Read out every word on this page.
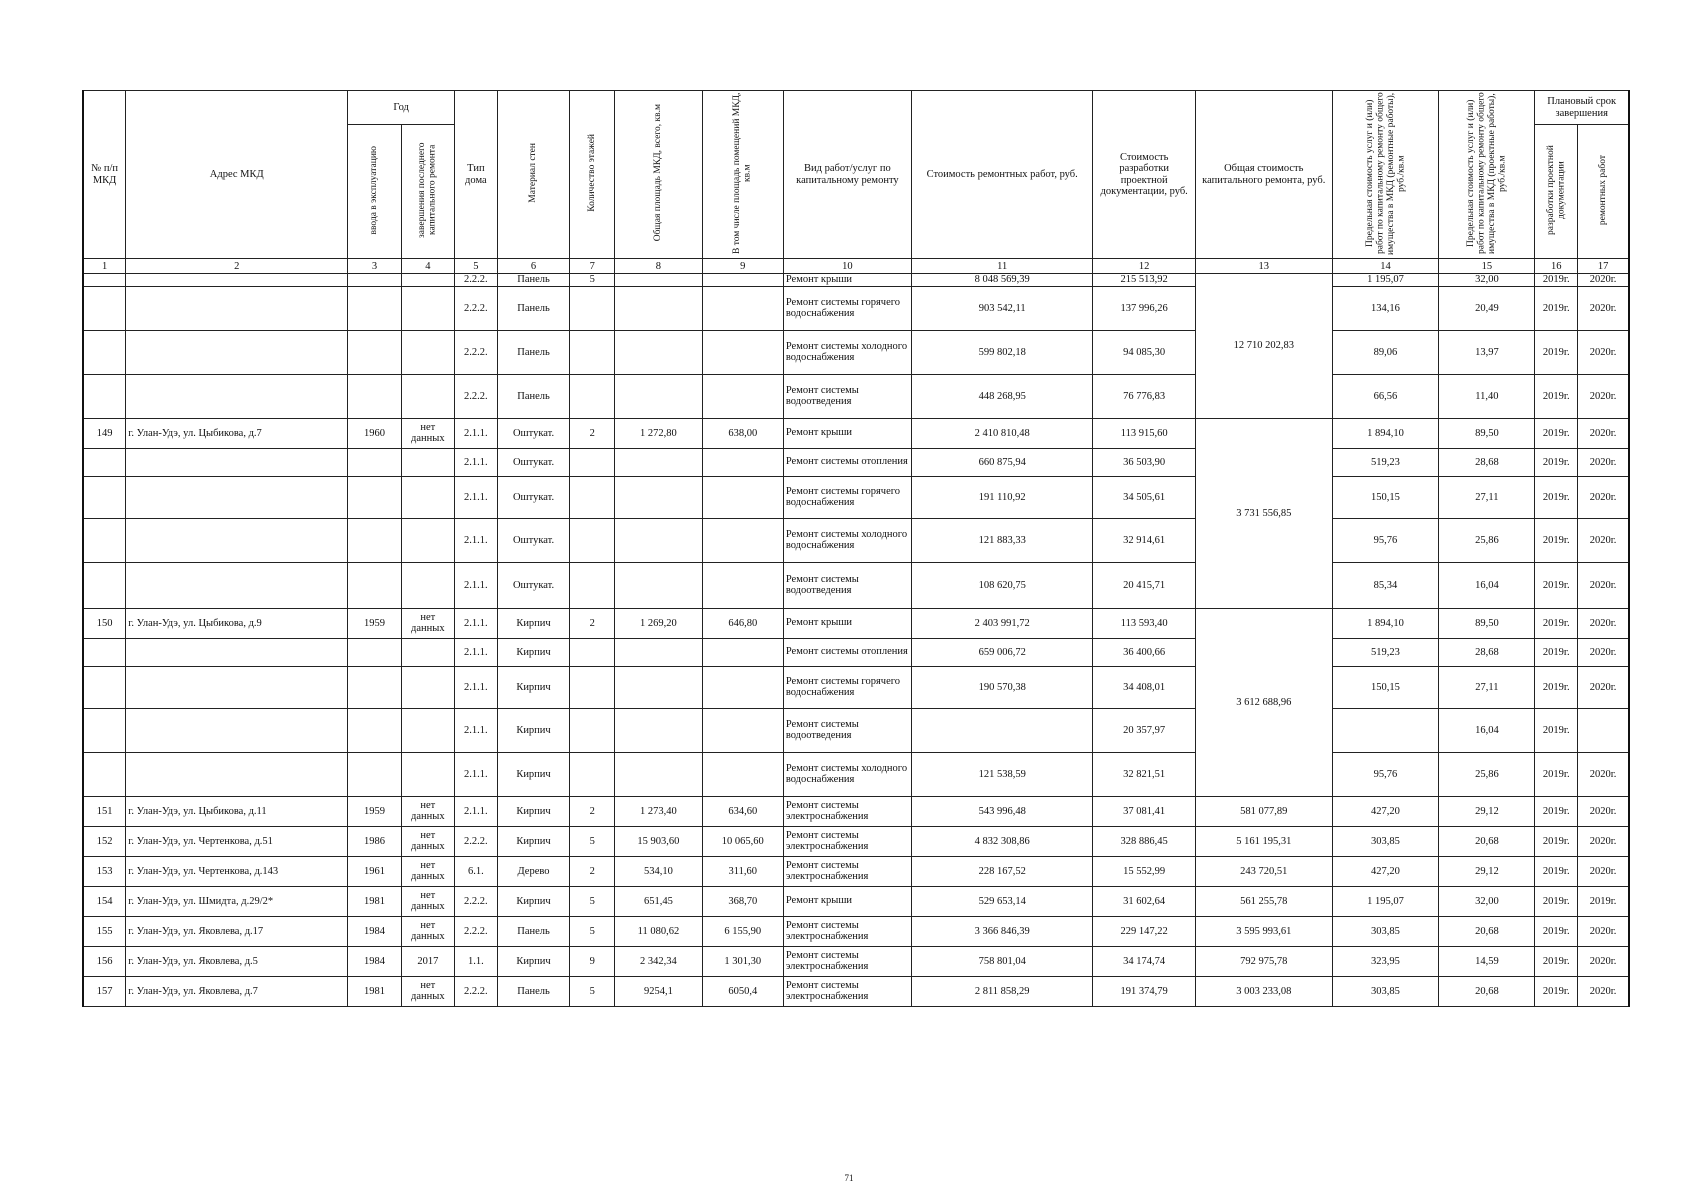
№ п/п МКД	Адрес МКД	Год		Тип дома	Материал стен	Количество этажей	Общая площадь МКД, всего, кв.м	В том числе площадь помещений МКД, кв.м	Вид работ/услуг по капитальному ремонту	Стоимость ремонтных работ, руб.	Стоимость разработки проектной документации, руб.	Общая стоимость капитального ремонта, руб.	Предельная стоимость услуг и (или) работ по капитальному ремонту общего имущества в МКД (ремонтные работы), руб./кв.м	Предельная стоимость услуг и (или) работ по капитальному ремонту общего имущества в МКД (проектные работы), руб./кв.м	Плановый срок завершения	
		ввода в эксплуатацию	завершения последнего капитального ремонта												разработки проектной документации	ремонтных работ
1	2	3	4	5	6	7	8	9	10	11	12	13	14	15	16	17
				2.2.2.	Панель	5			Ремонт крыши	8 048 569,39	215 513,92	12 710 202,83	1 195,07	32,00	2019г.	2020г.
				2.2.2.	Панель				Ремонт системы горячего водоснабжения	903 542,11	137 996,26		134,16	20,49	2019г.	2020г.
				2.2.2.	Панель				Ремонт системы холодного водоснабжения	599 802,18	94 085,30		89,06	13,97	2019г.	2020г.
				2.2.2.	Панель				Ремонт системы водоотведения	448 268,95	76 776,83		66,56	11,40	2019г.	2020г.
149	г. Улан-Удэ, ул. Цыбикова, д.7	1960	нет данных	2.1.1.	Оштукат.	2	1 272,80	638,00	Ремонт крыши	2 410 810,48	113 915,60	3 731 556,85	1 894,10	89,50	2019г.	2020г.
				2.1.1.	Оштукат.				Ремонт системы отопления	660 875,94	36 503,90		519,23	28,68	2019г.	2020г.
				2.1.1.	Оштукат.				Ремонт системы горячего водоснабжения	191 110,92	34 505,61		150,15	27,11	2019г.	2020г.
				2.1.1.	Оштукат.				Ремонт системы холодного водоснабжения	121 883,33	32 914,61		95,76	25,86	2019г.	2020г.
				2.1.1.	Оштукат.				Ремонт системы водоотведения	108 620,75	20 415,71		85,34	16,04	2019г.	2020г.
150	г. Улан-Удэ, ул. Цыбикова, д.9	1959	нет данных	2.1.1.	Кирпич	2	1 269,20	646,80	Ремонт крыши	2 403 991,72	113 593,40	3 612 688,96	1 894,10	89,50	2019г.	2020г.
				2.1.1.	Кирпич				Ремонт системы отопления	659 006,72	36 400,66		519,23	28,68	2019г.	2020г.
				2.1.1.	Кирпич				Ремонт системы горячего водоснабжения	190 570,38	34 408,01		150,15	27,11	2019г.	2020г.
				2.1.1.	Кирпич				Ремонт системы водоотведения		20 357,97			16,04	2019г.	
				2.1.1.	Кирпич				Ремонт системы холодного водоснабжения	121 538,59	32 821,51		95,76	25,86	2019г.	2020г.
151	г. Улан-Удэ, ул. Цыбикова, д.11	1959	нет данных	2.1.1.	Кирпич	2	1 273,40	634,60	Ремонт системы электроснабжения	543 996,48	37 081,41	581 077,89	427,20	29,12	2019г.	2020г.
152	г. Улан-Удэ, ул. Чертенкова, д.51	1986	нет данных	2.2.2.	Кирпич	5	15 903,60	10 065,60	Ремонт системы электроснабжения	4 832 308,86	328 886,45	5 161 195,31	303,85	20,68	2019г.	2020г.
153	г. Улан-Удэ, ул. Чертенкова, д.143	1961	нет данных	6.1.	Дерево	2	534,10	311,60	Ремонт системы электроснабжения	228 167,52	15 552,99	243 720,51	427,20	29,12	2019г.	2020г.
154	г. Улан-Удэ, ул. Шмидта, д.29/2*	1981	нет данных	2.2.2.	Кирпич	5	651,45	368,70	Ремонт крыши	529 653,14	31 602,64	561 255,78	1 195,07	32,00	2019г.	2019г.
155	г. Улан-Удэ, ул. Яковлева, д.17	1984	нет данных	2.2.2.	Панель	5	11 080,62	6 155,90	Ремонт системы электроснабжения	3 366 846,39	229 147,22	3 595 993,61	303,85	20,68	2019г.	2020г.
156	г. Улан-Удэ, ул. Яковлева, д.5	1984	2017	1.1.	Кирпич	9	2 342,34	1 301,30	Ремонт системы электроснабжения	758 801,04	34 174,74	792 975,78	323,95	14,59	2019г.	2020г.
157	г. Улан-Удэ, ул. Яковлева, д.7	1981	нет данных	2.2.2.	Панель	5	9254,1	6050,4	Ремонт системы электроснабжения	2 811 858,29	191 374,79	3 003 233,08	303,85	20,68	2019г.	2020г.
71
